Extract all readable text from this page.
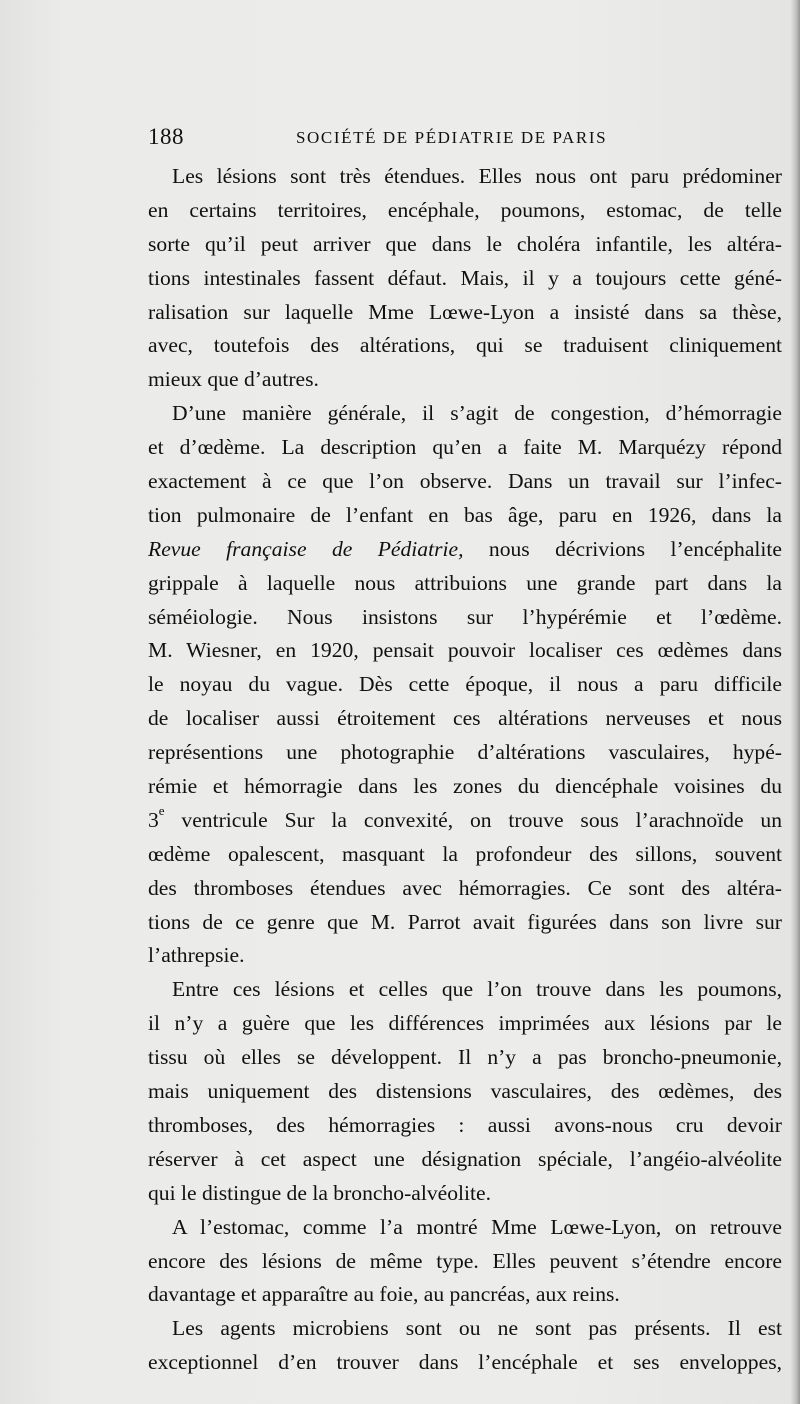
188	SOCIÉTÉ DE PÉDIATRIE DE PARIS
Les lésions sont très étendues. Elles nous ont paru prédominer
en certains territoires, encéphale, poumons, estomac, de telle
sorte qu’il peut arriver que dans le choléra infantile, les altéra-
tions intestinales fassent défaut. Mais, il y a toujours cette géné-
ralisation sur laquelle Mme Lœwe-Lyon a insisté dans sa thèse,
avec, toutefois des altérations, qui se traduisent cliniquement
mieux que d’autres.
D’une manière générale, il s’agit de congestion, d’hémorragie
et d’œdème. La description qu’en a faite M. Marquézy répond
exactement à ce que l’on observe. Dans un travail sur l’infec-
tion pulmonaire de l’enfant en bas âge, paru en 1926, dans la
Revue française de Pédiatrie, nous décrivions l’encéphalite
grippale à laquelle nous attribuions une grande part dans la
séméiologie. Nous insistons sur l’hypérémie et l’œdème.
M. Wiesner, en 1920, pensait pouvoir localiser ces œdèmes dans
le noyau du vague. Dès cette époque, il nous a paru difficile
de localiser aussi étroitement ces altérations nerveuses et nous
représentions une photographie d’altérations vasculaires, hypé-
rémie et hémorragie dans les zones du diencéphale voisines du
3e ventricule Sur la convexité, on trouve sous l’arachnoïde un
œdème opalescent, masquant la profondeur des sillons, souvent
des thromboses étendues avec hémorragies. Ce sont des altéra-
tions de ce genre que M. Parrot avait figurées dans son livre sur
l’athrepsie.
Entre ces lésions et celles que l’on trouve dans les poumons,
il n’y a guère que les différences imprimées aux lésions par le
tissu où elles se développent. Il n’y a pas broncho-pneumonie,
mais uniquement des distensions vasculaires, des œdèmes, des
thromboses, des hémorragies : aussi avons-nous cru devoir
réserver à cet aspect une désignation spéciale, l’angéio-alvéolite
qui le distingue de la broncho-alvéolite.
A l’estomac, comme l’a montré Mme Lœwe-Lyon, on retrouve
encore des lésions de même type. Elles peuvent s’étendre encore
davantage et apparaître au foie, au pancréas, aux reins.
Les agents microbiens sont ou ne sont pas présents. Il est
exceptionnel d’en trouver dans l’encéphale et ses enveloppes,
